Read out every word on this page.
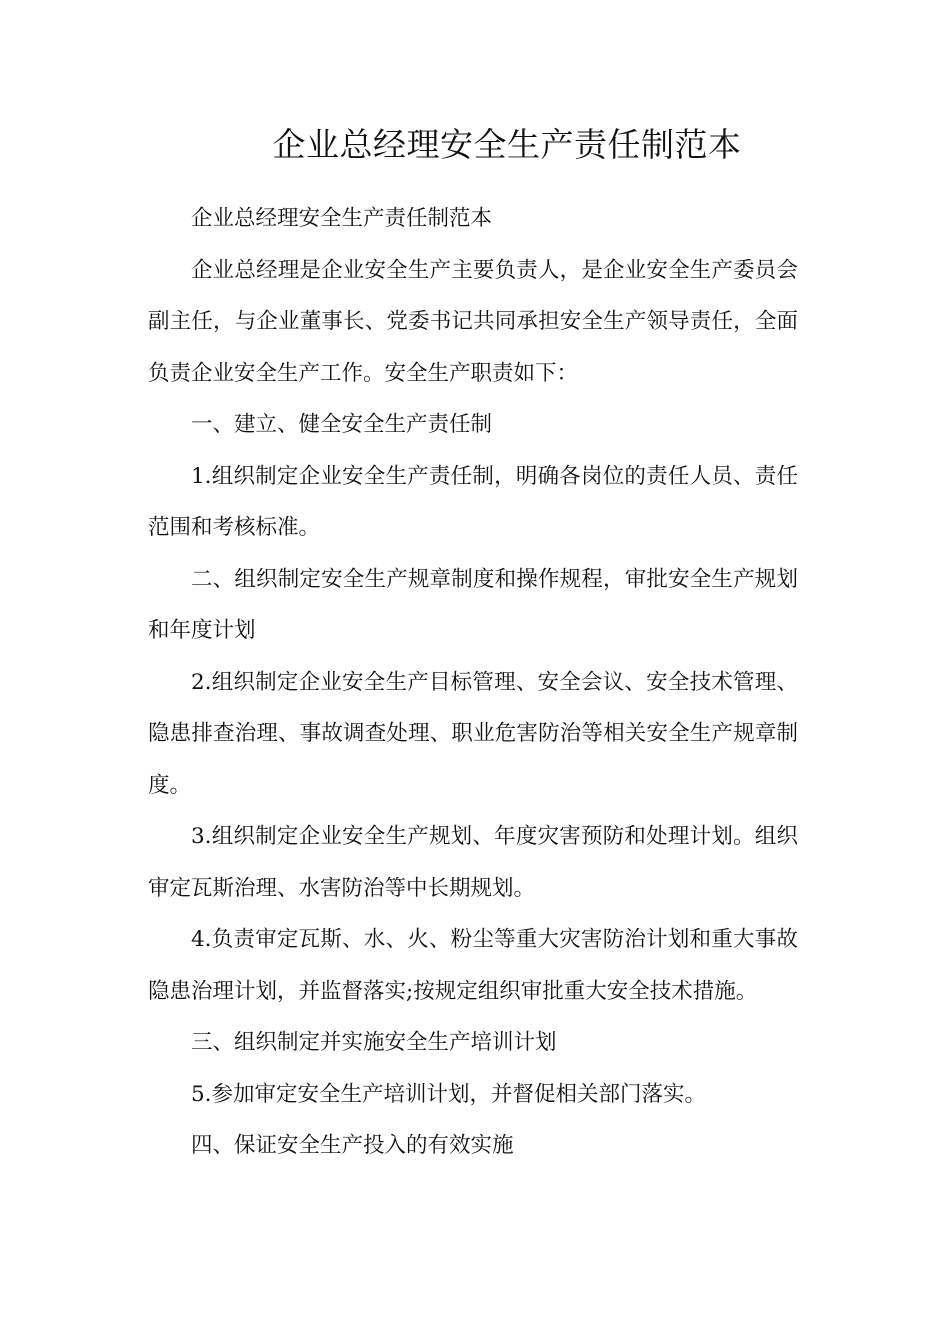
企业总经理安全生产责任制范本

企业总经理安全生产责任制范本

企业总经理是企业安全生产主要负责人，是企业安全生产委员会副主任，与企业董事长、党委书记共同承担安全生产领导责任，全面负责企业安全生产工作。安全生产职责如下：

一、建立、健全安全生产责任制

1.组织制定企业安全生产责任制，明确各岗位的责任人员、责任范围和考核标准。

二、组织制定安全生产规章制度和操作规程，审批安全生产规划和年度计划

2.组织制定企业安全生产目标管理、安全会议、安全技术管理、隐患排查治理、事故调查处理、职业危害防治等相关安全生产规章制度。

3.组织制定企业安全生产规划、年度灾害预防和处理计划。组织审定瓦斯治理、水害防治等中长期规划。

4.负责审定瓦斯、水、火、粉尘等重大灾害防治计划和重大事故隐患治理计划，并监督落实;按规定组织审批重大安全技术措施。

三、组织制定并实施安全生产培训计划

5.参加审定安全生产培训计划，并督促相关部门落实。

四、保证安全生产投入的有效实施
